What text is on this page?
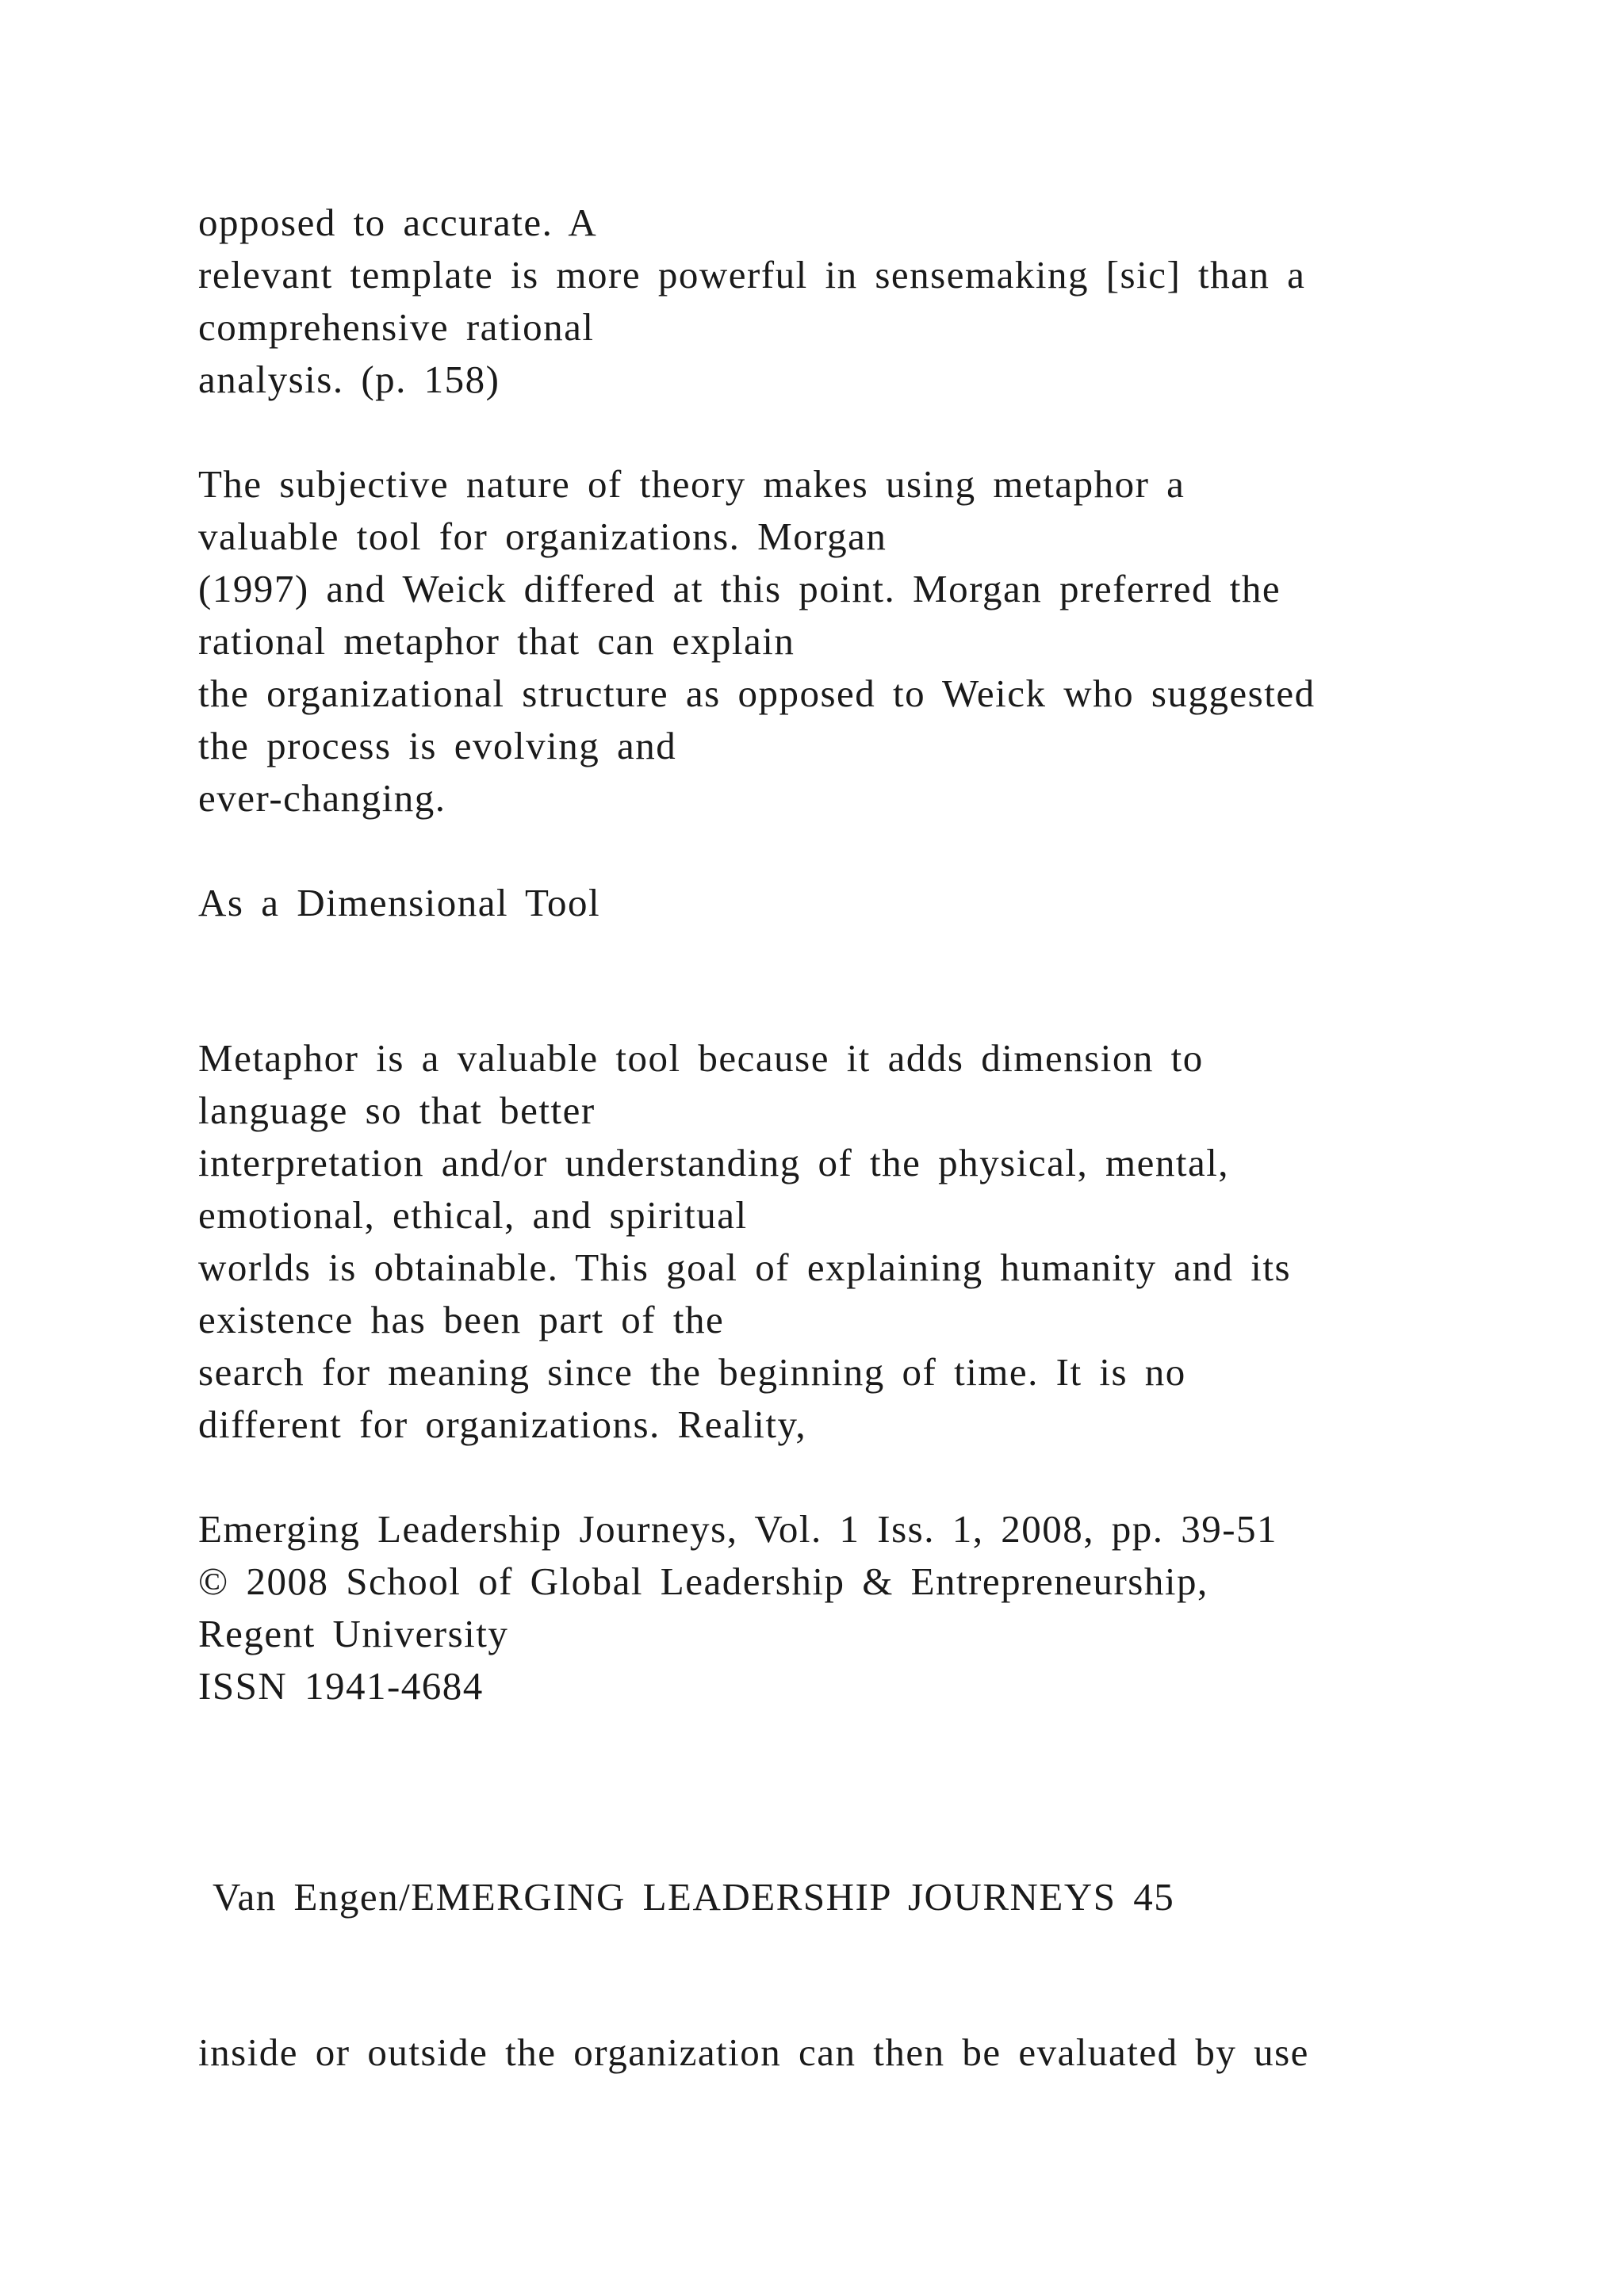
opposed to accurate. A

relevant template is more powerful in sensemaking [sic] than a

comprehensive rational

analysis. (p. 158)

The subjective nature of theory makes using metaphor a

valuable tool for organizations. Morgan

(1997) and Weick differed at this point. Morgan preferred the

rational metaphor that can explain

the organizational structure as opposed to Weick who suggested

the process is evolving and

ever-changing.

As a Dimensional Tool

Metaphor is a valuable tool because it adds dimension to

language so that better

interpretation and/or understanding of the physical, mental,

emotional, ethical, and spiritual

worlds is obtainable. This goal of explaining humanity and its

existence has been part of the

search for meaning since the beginning of time. It is no

different for organizations. Reality,

Emerging Leadership Journeys, Vol. 1 Iss. 1, 2008, pp. 39-51

© 2008 School of Global Leadership & Entrepreneurship,

Regent University

ISSN 1941-4684

Van Engen/EMERGING LEADERSHIP JOURNEYS 45

inside or outside the organization can then be evaluated by use
